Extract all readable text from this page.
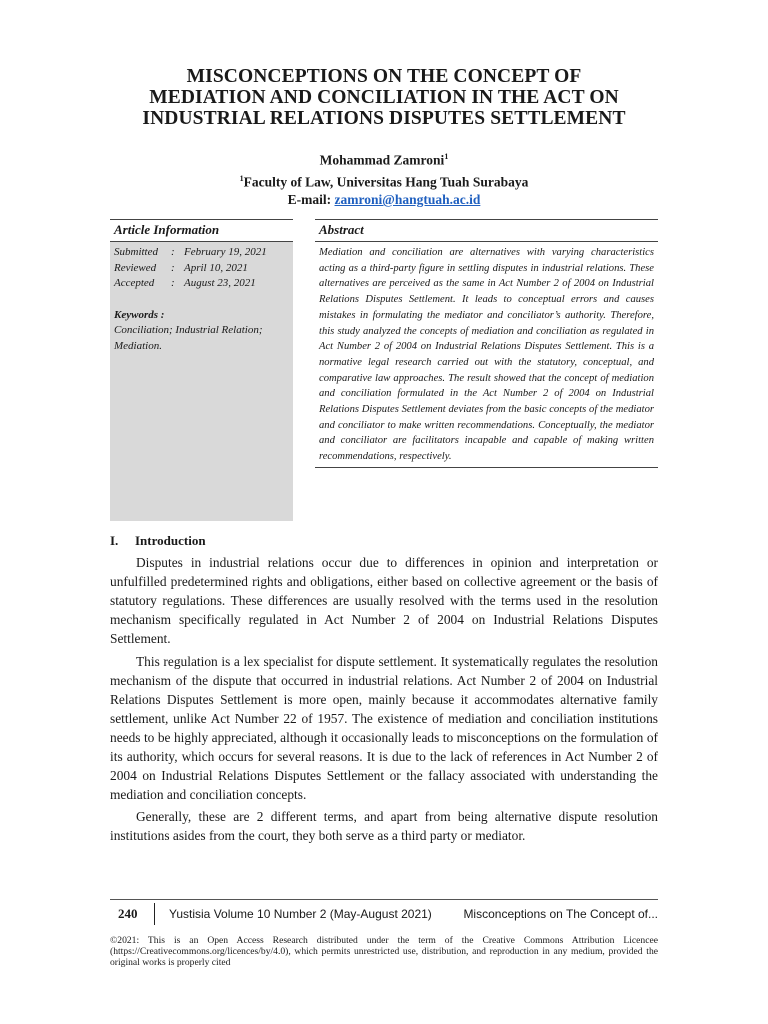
MISCONCEPTIONS ON THE CONCEPT OF
MEDIATION AND CONCILIATION IN THE ACT ON
INDUSTRIAL RELATIONS DISPUTES SETTLEMENT
Mohammad Zamroni$^1$
$^1$Faculty of Law, Universitas Hang Tuah Surabaya
E-mail: zamroni@hangtuah.ac.id
Article Information
Submitted	: February 19, 2021
Reviewed	: April 10, 2021
Accepted	: August 23, 2021
Keywords :
Conciliation; Industrial Relation; Mediation.
Abstract
Mediation and conciliation are alternatives with varying characteristics acting as a third-party figure in settling disputes in industrial relations. These alternatives are perceived as the same in Act Number 2 of 2004 on Industrial Relations Disputes Settlement. It leads to conceptual errors and causes mistakes in formulating the mediator and conciliator’s authority. Therefore, this study analyzed the concepts of mediation and conciliation as regulated in Act Number 2 of 2004 on Industrial Relations Disputes Settlement. This is a normative legal research carried out with the statutory, conceptual, and comparative law approaches. The result showed that the concept of mediation and conciliation formulated in the Act Number 2 of 2004 on Industrial Relations Disputes Settlement deviates from the basic concepts of the mediator and conciliator to make written recommendations. Conceptually, the mediator and conciliator are facilitators incapable and capable of making written recommendations, respectively.
I. Introduction

Disputes in industrial relations occur due to differences in opinion and interpretation or unfulfilled predetermined rights and obligations, either based on collective agreement or the basis of statutory regulations. These differences are usually resolved with the terms used in the resolution mechanism specifically regulated in Act Number 2 of 2004 on Industrial Relations Disputes Settlement.

This regulation is a lex specialist for dispute settlement. It systematically regulates the resolution mechanism of the dispute that occurred in industrial relations. Act Number 2 of 2004 on Industrial Relations Disputes Settlement is more open, mainly because it accommodates alternative family settlement, unlike Act Number 22 of 1957. The existence of mediation and conciliation institutions needs to be highly appreciated, although it occasionally leads to misconceptions on the formulation of its authority, which occurs for several reasons. It is due to the lack of references in Act Number 2 of 2004 on Industrial Relations Disputes Settlement or the fallacy associated with understanding the mediation and conciliation concepts.

Generally, these are 2 different terms, and apart from being alternative dispute resolution institutions asides from the court, they both serve as a third party or mediator.

240	Yustisia Volume 10 Number 2 (May-August 2021)	Misconceptions on The Concept of...
©2021: This is an Open Access Research distributed under the term of the Creative Commons Attribution Licencee (https://Creativecommons.org/licences/by/4.0), which permits unrestricted use, distribution, and reproduction in any medium, provided the original works is properly cited
